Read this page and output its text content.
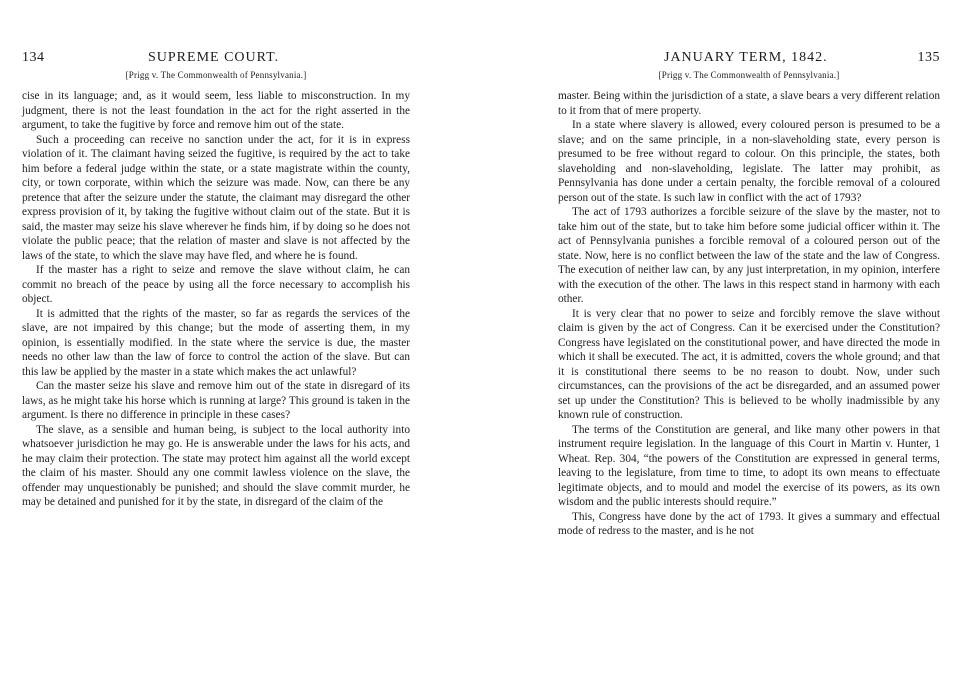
134	SUPREME COURT.
[Prigg v. The Commonwealth of Pennsylvania.]

cise in its language; and, as it would seem, less liable to misconstruction. In my judgment, there is not the least foundation in the act for the right asserted in the argument, to take the fugitive by force and remove him out of the state.

Such a proceeding can receive no sanction under the act, for it is in express violation of it. The claimant having seized the fugitive, is required by the act to take him before a federal judge within the state, or a state magistrate within the county, city, or town corporate, within which the seizure was made. Now, can there be any pretence that after the seizure under the statute, the claimant may disregard the other express provision of it, by taking the fugitive without claim out of the state. But it is said, the master may seize his slave wherever he finds him, if by doing so he does not violate the public peace; that the relation of master and slave is not affected by the laws of the state, to which the slave may have fled, and where he is found.

If the master has a right to seize and remove the slave without claim, he can commit no breach of the peace by using all the force necessary to accomplish his object.

It is admitted that the rights of the master, so far as regards the services of the slave, are not impaired by this change; but the mode of asserting them, in my opinion, is essentially modified. In the state where the service is due, the master needs no other law than the law of force to control the action of the slave. But can this law be applied by the master in a state which makes the act unlawful?

Can the master seize his slave and remove him out of the state in disregard of its laws, as he might take his horse which is running at large? This ground is taken in the argument. Is there no difference in principle in these cases?

The slave, as a sensible and human being, is subject to the local authority into whatsoever jurisdiction he may go. He is answerable under the laws for his acts, and he may claim their protection. The state may protect him against all the world except the claim of his master. Should any one commit lawless violence on the slave, the offender may unquestionably be punished; and should the slave commit murder, he may be detained and punished for it by the state, in disregard of the claim of the

JANUARY TERM, 1842.	135
[Prigg v. The Commonwealth of Pennsylvania.]

master. Being within the jurisdiction of a state, a slave bears a very different relation to it from that of mere property.

In a state where slavery is allowed, every coloured person is presumed to be a slave; and on the same principle, in a non-slaveholding state, every person is presumed to be free without regard to colour. On this principle, the states, both slaveholding and non-slaveholding, legislate. The latter may prohibit, as Pennsylvania has done under a certain penalty, the forcible removal of a coloured person out of the state. Is such law in conflict with the act of 1793?

The act of 1793 authorizes a forcible seizure of the slave by the master, not to take him out of the state, but to take him before some judicial officer within it. The act of Pennsylvania punishes a forcible removal of a coloured person out of the state. Now, here is no conflict between the law of the state and the law of Congress. The execution of neither law can, by any just interpretation, in my opinion, interfere with the execution of the other. The laws in this respect stand in harmony with each other.

It is very clear that no power to seize and forcibly remove the slave without claim is given by the act of Congress. Can it be exercised under the Constitution? Congress have legislated on the constitutional power, and have directed the mode in which it shall be executed. The act, it is admitted, covers the whole ground; and that it is constitutional there seems to be no reason to doubt. Now, under such circumstances, can the provisions of the act be disregarded, and an assumed power set up under the Constitution? This is believed to be wholly inadmissible by any known rule of construction.

The terms of the Constitution are general, and like many other powers in that instrument require legislation. In the language of this Court in Martin v. Hunter, 1 Wheat. Rep. 304, “the powers of the Constitution are expressed in general terms, leaving to the legislature, from time to time, to adopt its own means to effectuate legitimate objects, and to mould and model the exercise of its powers, as its own wisdom and the public interests should require.”

This, Congress have done by the act of 1793. It gives a summary and effectual mode of redress to the master, and is he not
